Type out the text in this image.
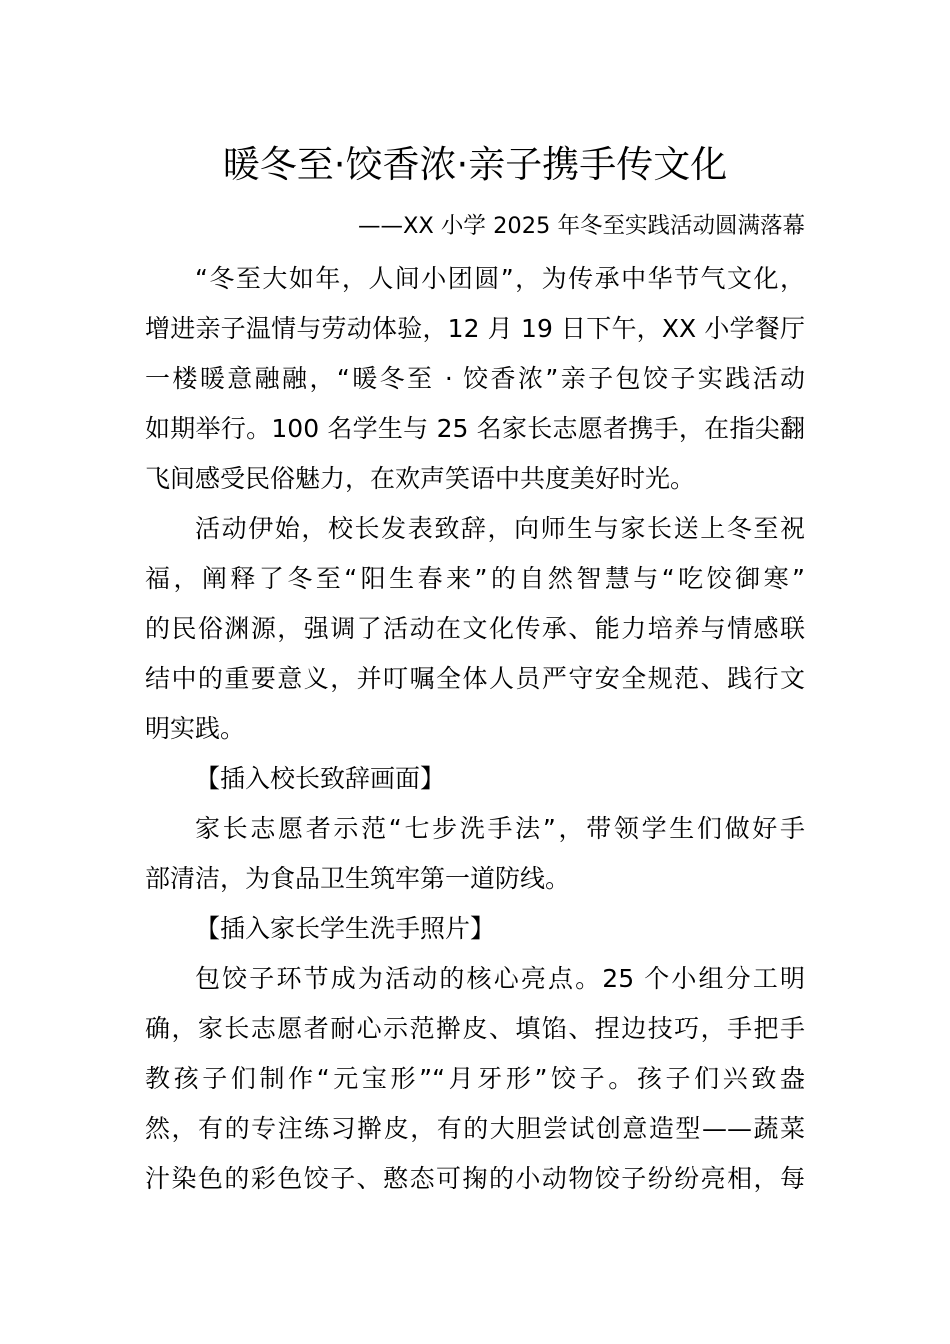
暖冬至·饺香浓·亲子携手传文化

——XX 小学 2025 年冬至实践活动圆满落幕

“冬至大如年，人间小团圆”，为传承中华节气文化，
增进亲子温情与劳动体验，12 月 19 日下午，XX 小学餐厅
一楼暖意融融，“暖冬至 · 饺香浓”亲子包饺子实践活动
如期举行。100 名学生与 25 名家长志愿者携手，在指尖翻
飞间感受民俗魅力，在欢声笑语中共度美好时光。
活动伊始，校长发表致辞，向师生与家长送上冬至祝
福，阐释了冬至“阳生春来”的自然智慧与“吃饺御寒”
的民俗渊源，强调了活动在文化传承、能力培养与情感联
结中的重要意义，并叮嘱全体人员严守安全规范、践行文
明实践。
【插入校长致辞画面】
家长志愿者示范“七步洗手法”，带领学生们做好手
部清洁，为食品卫生筑牢第一道防线。
【插入家长学生洗手照片】
包饺子环节成为活动的核心亮点。25 个小组分工明
确，家长志愿者耐心示范擀皮、填馅、捏边技巧，手把手
教孩子们制作“元宝形”“月牙形”饺子。孩子们兴致盎
然，有的专注练习擀皮，有的大胆尝试创意造型——蔬菜
汁染色的彩色饺子、憨态可掬的小动物饺子纷纷亮相，每
